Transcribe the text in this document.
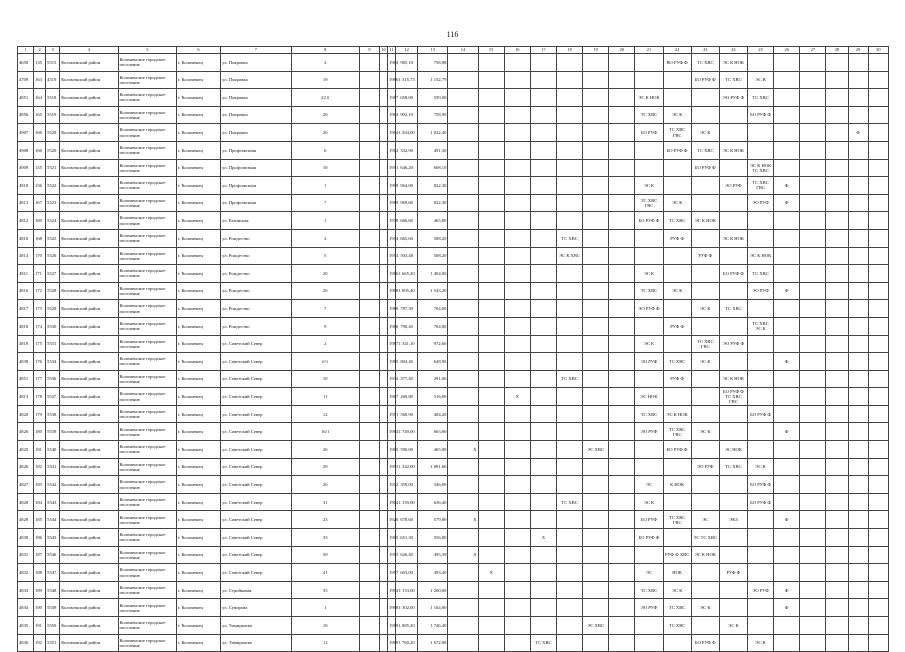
116
1	2	3	4	5	6	7	8	9	10	11	12	13	14	15	16	17	18	19	20	21	22	23	24	25	26	27	28	29	30
4658	135	5515	Коломенский район	Коломенское городское поселение	г. Коломенец	ул. Покровка	2			1984	985,10	758,88									ВО РУФ Ф	ТС ХВС	ЭС К НОК						
4709	163	4519	Коломенский район	Коломенское городское поселение	г. Коломенец	ул. Покровка	19			1986	1 315,73	1 152,79										БО РУФ Ф	ТС ХВС	ЭС В					
4851	164	5518	Коломенский район	Коломенское городское поселение	г. Коломенец	ул. Покровка	22 б			1987	658,00	539,00								ЭС К НОК			ЭО РУФ Ф	ТС ХВС					
4856	165	5519	Коломенский район	Коломенское городское поселение	г. Коломенец	ул. Покровка	20			1984	902,10	758,90								ТС ХВС	ЭС К			БО РУФ Ф					
4907	166	5529	Коломенский район	Коломенское городское поселение	г. Коломенец	ул. Покровка	20			1994	1 204,00	1 022,40								БО РУФ	ТС ХВС ГВС	ЭС К						Ф	
4908	166	5520	Коломенский район	Коломенское городское поселение	г. Коломенец	ул. Профсоюзная	6			1912	332,90	491,30									БО РУФ Ф	ТС ХВС	ЭС К НОК						
4909	155	5521	Коломенский район	Коломенское городское поселение	г. Коломенец	ул. Профсоюзная	10			1951	646,20	608,10										БО РУФ Ф		ЭС К НОК ТС ХВС					
4818	156	5522	Коломенский район	Коломенское городское поселение	г. Коломенец	ул. Профсоюзная	1			1999	964,00	822,30								ЭС К			ЭО РУФ	ТС ХВС ГВС	Ф				
4813	167	5523	Коломенский район	Коломенское городское поселение	г. Коломенец	ул. Профсоюзная	7			1989	969,60	822,30								ТС ХВС ГВС	ЭС К			ЭО РУФ	Ф				
4812	169	5524	Коломенский район	Коломенское городское поселение	г. Коломенец	ул. Разинская	1			1978	666,60	465,80								БО РУФ Ф	ТС ХВС	ЭС К НОК							
4810	168	5525	Коломенский район	Коломенское городское поселение	г. Коломенец	ул. Рождество	2			1954	665,60	508,20					ТС ХВС				РУФ Ф		ЭС К НОК						
4814	170	5526	Коломенский район	Коломенское городское поселение	г. Коломенец	ул. Рождество	5			1954	503,48	508,20					ЭС К ХВС					РУФ Ф		ЭС К НОК					
4811	171	5527	Коломенский район	Коломенское городское поселение	г. Коломенец	ул. Рождество	20			1986	1 665,20	1 404,00								ЭС К			БО РУФ Ф	ТС ХВС					
4816	172	5528	Коломенский район	Коломенское городское поселение	г. Коломенец	ул. Рождество	26			1988	1 695,40	1 543,20								ТС ХВС	ЭС К			ЭО РУФ	Ф				
4817	173	5529	Коломенский район	Коломенское городское поселение	г. Коломенец	ул. Рождество	7			1986	787,30	704,00								ЭО РУФ Ф		ЭС К	ТС ХВС						
4818	174	5530	Коломенский район	Коломенское городское поселение	г. Коломенец	ул. Рождество	9			1986	790,40	704,00									РУФ Ф			ТС ХВС ЭС К					
4819	175	5531	Коломенский район	Коломенское городское поселение	г. Коломенец	ул. Советский Север	2			1987	1 341,10	972,60								ЭС К		ТС ХВС ГВС	ЭО РУФ Ф						
4838	176	5534	Коломенский район	Коломенское городское поселение	г. Коломенец	ул. Советский Север	6/1			1985	804,40	648,90								ЭО РУФ	ТС ХВС	ЭС К			Ф				
4851	177	5536	Коломенский район	Коломенское городское поселение	г. Коломенец	ул. Советский Север	10			1934	377,40	291,00					ТС ХВС				РУФ Ф		ЭС К НОК						
4813	178	5537	Коломенский район	Коломенское городское поселение	г. Коломенец	ул. Советский Север	11			1967	269,80	516,00			X					ЭС НОК			БО РУФ Ф ТС ХВС ГВС						
4820	179	5538	Коломенский район	Коломенское городское поселение	г. Коломенец	ул. Советский Север	12			1951	568,90	484,20								ТС ХВС	ЭС К НОК			БО РУФ Ф					
4826	180	5539	Коломенский район	Коломенское городское поселение	г. Коломенец	ул. Советский Север	16/1			1984	1 749,00	663,00								ЭО РУФ	ТС ХВС ГВС	ЭС К			Ф				
4825	181	5540	Коломенский район	Коломенское городское поселение	г. Коломенец	ул. Советский Север	26			1965	590,00	465,90	X					ЭС ХВС			БО РУФ Ф		ЭС НОК						
4826	182	5541	Коломенский район	Коломенское городское поселение	г. Коломенец	ул. Советский Север	29			1993	1 342,00	1 081,60										ЭО РУФ	ТС ХВС	ЭС К					
4827	183	5542	Коломенский район	Коломенское городское поселение	г. Коломенец	ул. Советский Север	20			1952	359,00	346,00								ЭС	К НОК			БО РУФ Ф					
4828	184	5543	Коломенский район	Коломенское городское поселение	г. Коломенец	ул. Советский Север	31			1964	1 159,00	636,40					ТС ХВС			ЭС К				БО РУФ Ф					
4829	185	5544	Коломенский район	Коломенское городское поселение	г. Коломенец	ул. Советский Север	23			1926	678,60	579,80	X							БО РУФ	ТС ХВС ГВС	ЭС	ЭКЗ		Ф				
4830	186	5545	Коломенский район	Коломенское городское поселение	г. Коломенец	ул. Советский Север	33			1965	651,30	556,80				X				БО РУФ Ф		ЭС ТС ХВС							
4831	187	5546	Коломенский район	Коломенское городское поселение	г. Коломенец	ул. Советский Север	39			1955	626,40	495,39	X								РУФ Ф ХВС	ЭС К НОК							
4832	188	5547	Коломенский район	Коломенское городское поселение	г. Коломенец	ул. Советский Север	41			1957	603,00	493,40		X						ЭС	НОК		РУФ Ф						
4833	189	5548	Коломенский район	Коломенское городское поселение	г. Коломенец	ул. Стройковая	35			1994	1 153,00	1 200,00								ТС ХВС	ЭС К			ЭО РУФ	Ф				
4834	190	5549	Коломенский район	Коломенское городское поселение	г. Коломенец	ул. Суворова	1			1998	1 302,00	1 164,00								ЭО РУФ	ТС ХВС	ЭС К			Ф				
4835	191	5550	Коломенский район	Коломенское городское поселение	г. Коломенец	ул. Тимирязева	10			1989	1 885,20	1 746,40						ЭС ХВС			ТС ХВС		ЭС К						
4836	192	5551	Коломенский район	Коломенское городское поселение	г. Коломенец	ул. Тимирязева	12			1989	1 760,20	1 672,00				ТС ХВС						БО РУФ Ф		ЭС К					
